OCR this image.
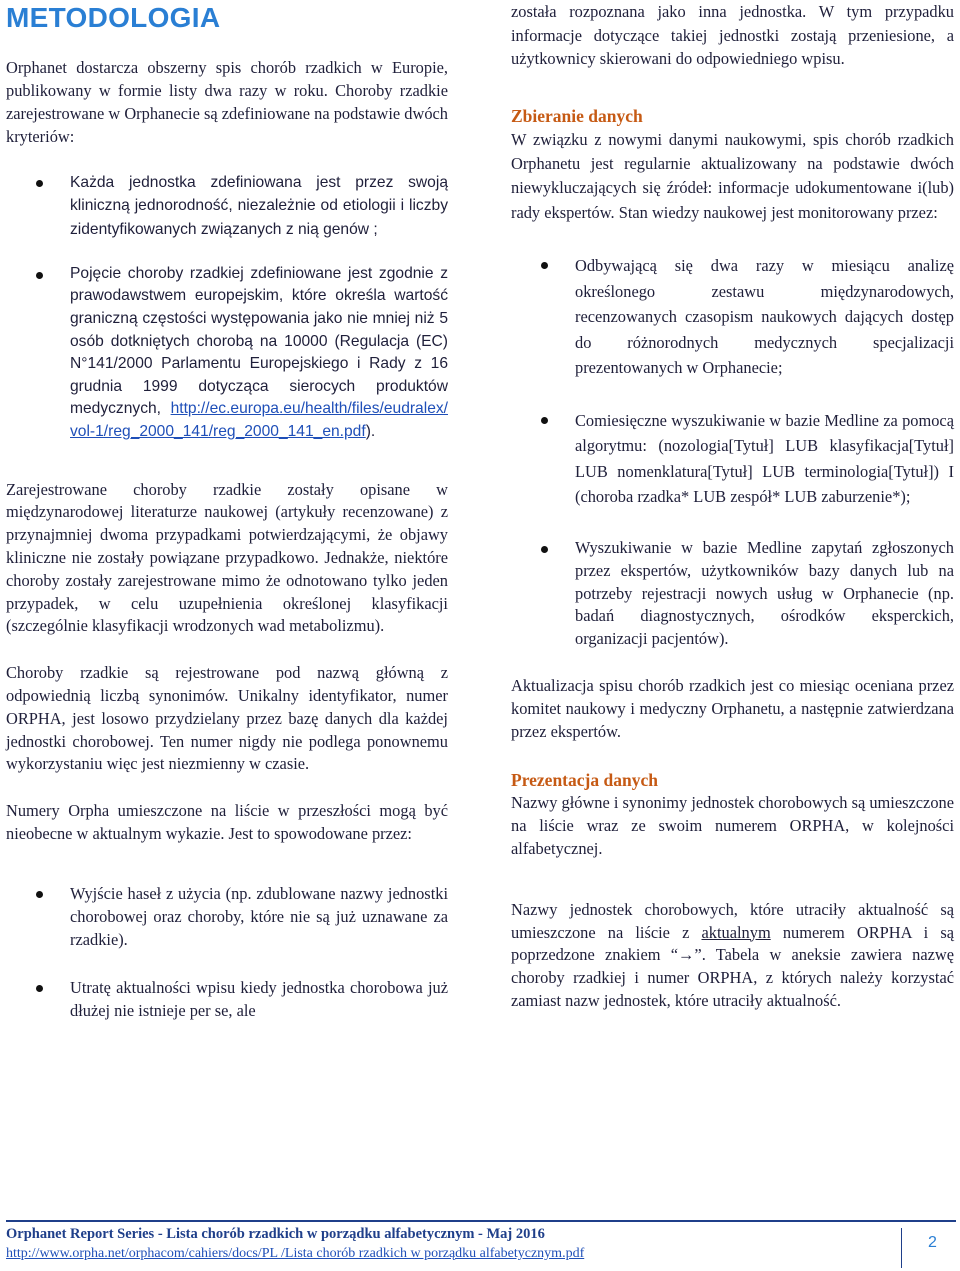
METODOLOGIA

Orphanet dostarcza obszerny spis chorób rzadkich w Europie, publikowany w formie listy dwa razy w roku. Choroby rzadkie zarejestrowane w Orphanecie są zdefiniowane na podstawie dwóch kryteriów:

Każda jednostka zdefiniowana jest przez swoją kliniczną jednorodność, niezależnie od etiologii i liczby zidentyfikowanych związanych z nią genów ;

Pojęcie choroby rzadkiej zdefiniowane jest zgodnie z prawodawstwem europejskim, które określa wartość graniczną częstości występowania jako nie mniej niż 5 osób dotkniętych chorobą na 10000 (Regulacja (EC) N°141/2000 Parlamentu Europejskiego i Rady z 16 grudnia 1999 dotycząca sierocych produktów medycznych, http://ec.europa.eu/health/files/eudralex/vol-1/reg_2000_141/reg_2000_141_en.pdf).

Zarejestrowane choroby rzadkie zostały opisane w międzynarodowej literaturze naukowej (artykuły recenzowane) z przynajmniej dwoma przypadkami potwierdzającymi, że objawy kliniczne nie zostały powiązane przypadkowo. Jednakże, niektóre choroby zostały zarejestrowane mimo że odnotowano tylko jeden przypadek, w celu uzupełnienia określonej klasyfikacji (szczególnie klasyfikacji wrodzonych wad metabolizmu).

Choroby rzadkie są rejestrowane pod nazwą główną z odpowiednią liczbą synonimów. Unikalny identyfikator, numer ORPHA, jest losowo przydzielany przez bazę danych dla każdej jednostki chorobowej. Ten numer nigdy nie podlega ponownemu wykorzystaniu więc jest niezmienny w czasie.

Numery Orpha umieszczone na liście w przeszłości mogą być nieobecne w aktualnym wykazie. Jest to spowodowane przez:

Wyjście haseł z użycia (np. zdublowane nazwy jednostki chorobowej oraz choroby, które nie są już uznawane za rzadkie).

Utratę aktualności wpisu kiedy jednostka chorobowa już dłużej nie istnieje per se, ale

została rozpoznana jako inna jednostka. W tym przypadku informacje dotyczące takiej jednostki zostają przeniesione, a użytkownicy skierowani do odpowiedniego wpisu.

Zbieranie danych

W związku z nowymi danymi naukowymi, spis chorób rzadkich Orphanetu jest regularnie aktualizowany na podstawie dwóch niewykluczających się źródeł: informacje udokumentowane i(lub) rady ekspertów. Stan wiedzy naukowej jest monitorowany przez:

Odbywającą się dwa razy w miesiącu analizę określonego zestawu międzynarodowych, recenzowanych czasopism naukowych dających dostęp do różnorodnych medycznych specjalizacji prezentowanych w Orphanecie;

Comiesięczne wyszukiwanie w bazie Medline za pomocą algorytmu: (nozologia[Tytuł] LUB klasyfikacja[Tytuł] LUB nomenklatura[Tytuł] LUB terminologia[Tytuł]) I (choroba rzadka* LUB zespół* LUB zaburzenie*);

Wyszukiwanie w bazie Medline zapytań zgłoszonych przez ekspertów, użytkowników bazy danych lub na potrzeby rejestracji nowych usług w Orphanecie (np. badań diagnostycznych, ośrodków eksperckich, organizacji pacjentów).

Aktualizacja spisu chorób rzadkich jest co miesiąc oceniana przez komitet naukowy i medyczny Orphanetu, a następnie zatwierdzana przez ekspertów.

Prezentacja danych

Nazwy główne i synonimy jednostek chorobowych są umieszczone na liście wraz ze swoim numerem ORPHA, w kolejności alfabetycznej.

Nazwy jednostek chorobowych, które utraciły aktualność są umieszczone na liście z aktualnym numerem ORPHA i są poprzedzone znakiem “→”. Tabela w aneksie zawiera nazwę choroby rzadkiej i numer ORPHA, z których należy korzystać zamiast nazw jednostek, które utraciły aktualność.

Orphanet Report Series - Lista chorób rzadkich w porządku alfabetycznym - Maj 2016
http://www.orpha.net/orphacom/cahiers/docs/PL /Lista chorób rzadkich w porządku alfabetycznym.pdf
2
